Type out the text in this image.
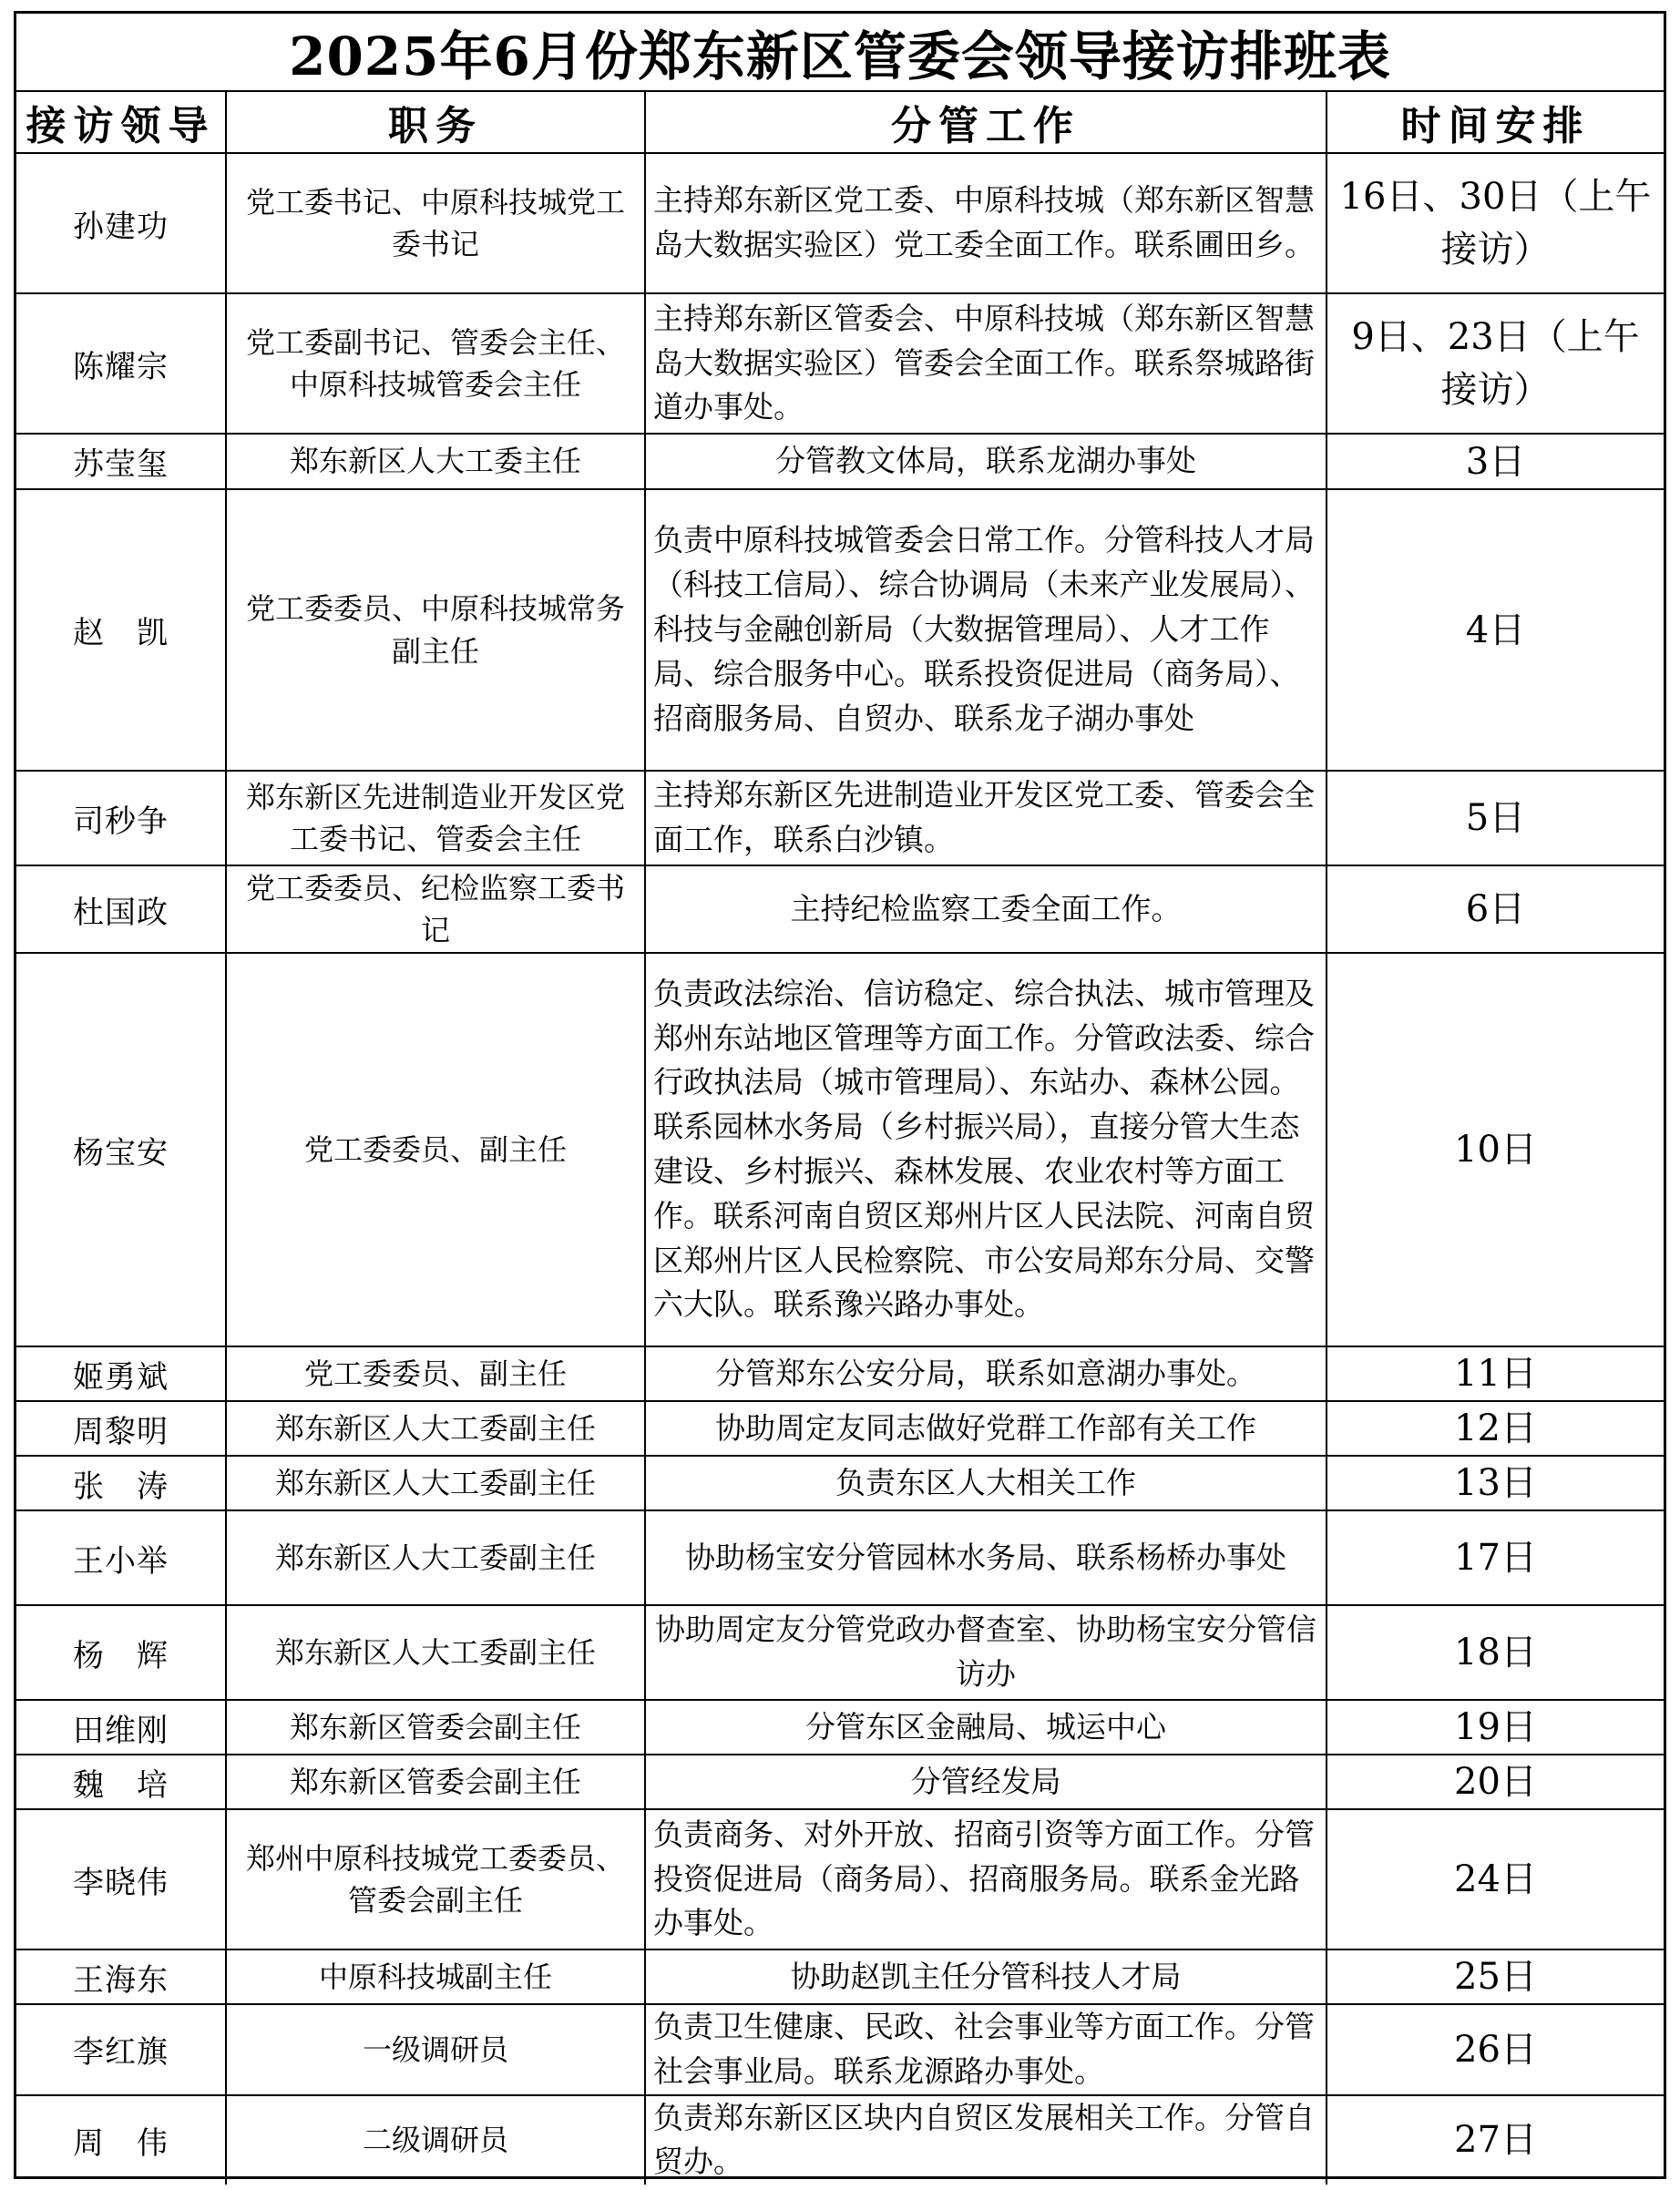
2025年6月份郑东新区管委会领导接访排班表
接访领导	职务	分管工作	时间安排
孙建功	党工委书记、中原科技城党工委书记	主持郑东新区党工委、中原科技城（郑东新区智慧岛大数据实验区）党工委全面工作。联系圃田乡。	16日、30日（上午接访）
陈耀宗	党工委副书记、管委会主任、中原科技城管委会主任	主持郑东新区管委会、中原科技城（郑东新区智慧岛大数据实验区）管委会全面工作。联系祭城路街道办事处。	9日、23日（上午接访）
苏莹玺	郑东新区人大工委主任	分管教文体局，联系龙湖办事处	3日
赵　凯	党工委委员、中原科技城常务副主任	负责中原科技城管委会日常工作。分管科技人才局（科技工信局）、综合协调局（未来产业发展局）、科技与金融创新局（大数据管理局）、人才工作局、综合服务中心。联系投资促进局（商务局）、招商服务局、自贸办、联系龙子湖办事处	4日
司秒争	郑东新区先进制造业开发区党工委书记、管委会主任	主持郑东新区先进制造业开发区党工委、管委会全面工作，联系白沙镇。	5日
杜国政	党工委委员、纪检监察工委书记	主持纪检监察工委全面工作。	6日
杨宝安	党工委委员、副主任	负责政法综治、信访稳定、综合执法、城市管理及郑州东站地区管理等方面工作。分管政法委、综合行政执法局（城市管理局）、东站办、森林公园。联系园林水务局（乡村振兴局），直接分管大生态建设、乡村振兴、森林发展、农业农村等方面工作。联系河南自贸区郑州片区人民法院、河南自贸区郑州片区人民检察院、市公安局郑东分局、交警六大队。联系豫兴路办事处。	10日
姬勇斌	党工委委员、副主任	分管郑东公安分局，联系如意湖办事处。	11日
周黎明	郑东新区人大工委副主任	协助周定友同志做好党群工作部有关工作	12日
张　涛	郑东新区人大工委副主任	负责东区人大相关工作	13日
王小举	郑东新区人大工委副主任	协助杨宝安分管园林水务局、联系杨桥办事处	17日
杨　辉	郑东新区人大工委副主任	协助周定友分管党政办督查室、协助杨宝安分管信访办	18日
田维刚	郑东新区管委会副主任	分管东区金融局、城运中心	19日
魏　培	郑东新区管委会副主任	分管经发局	20日
李晓伟	郑州中原科技城党工委委员、管委会副主任	负责商务、对外开放、招商引资等方面工作。分管投资促进局（商务局）、招商服务局。联系金光路办事处。	24日
王海东	中原科技城副主任	协助赵凯主任分管科技人才局	25日
李红旗	一级调研员	负责卫生健康、民政、社会事业等方面工作。分管社会事业局。联系龙源路办事处。	26日
周　伟	二级调研员	负责郑东新区区块内自贸区发展相关工作。分管自贸办。	27日
